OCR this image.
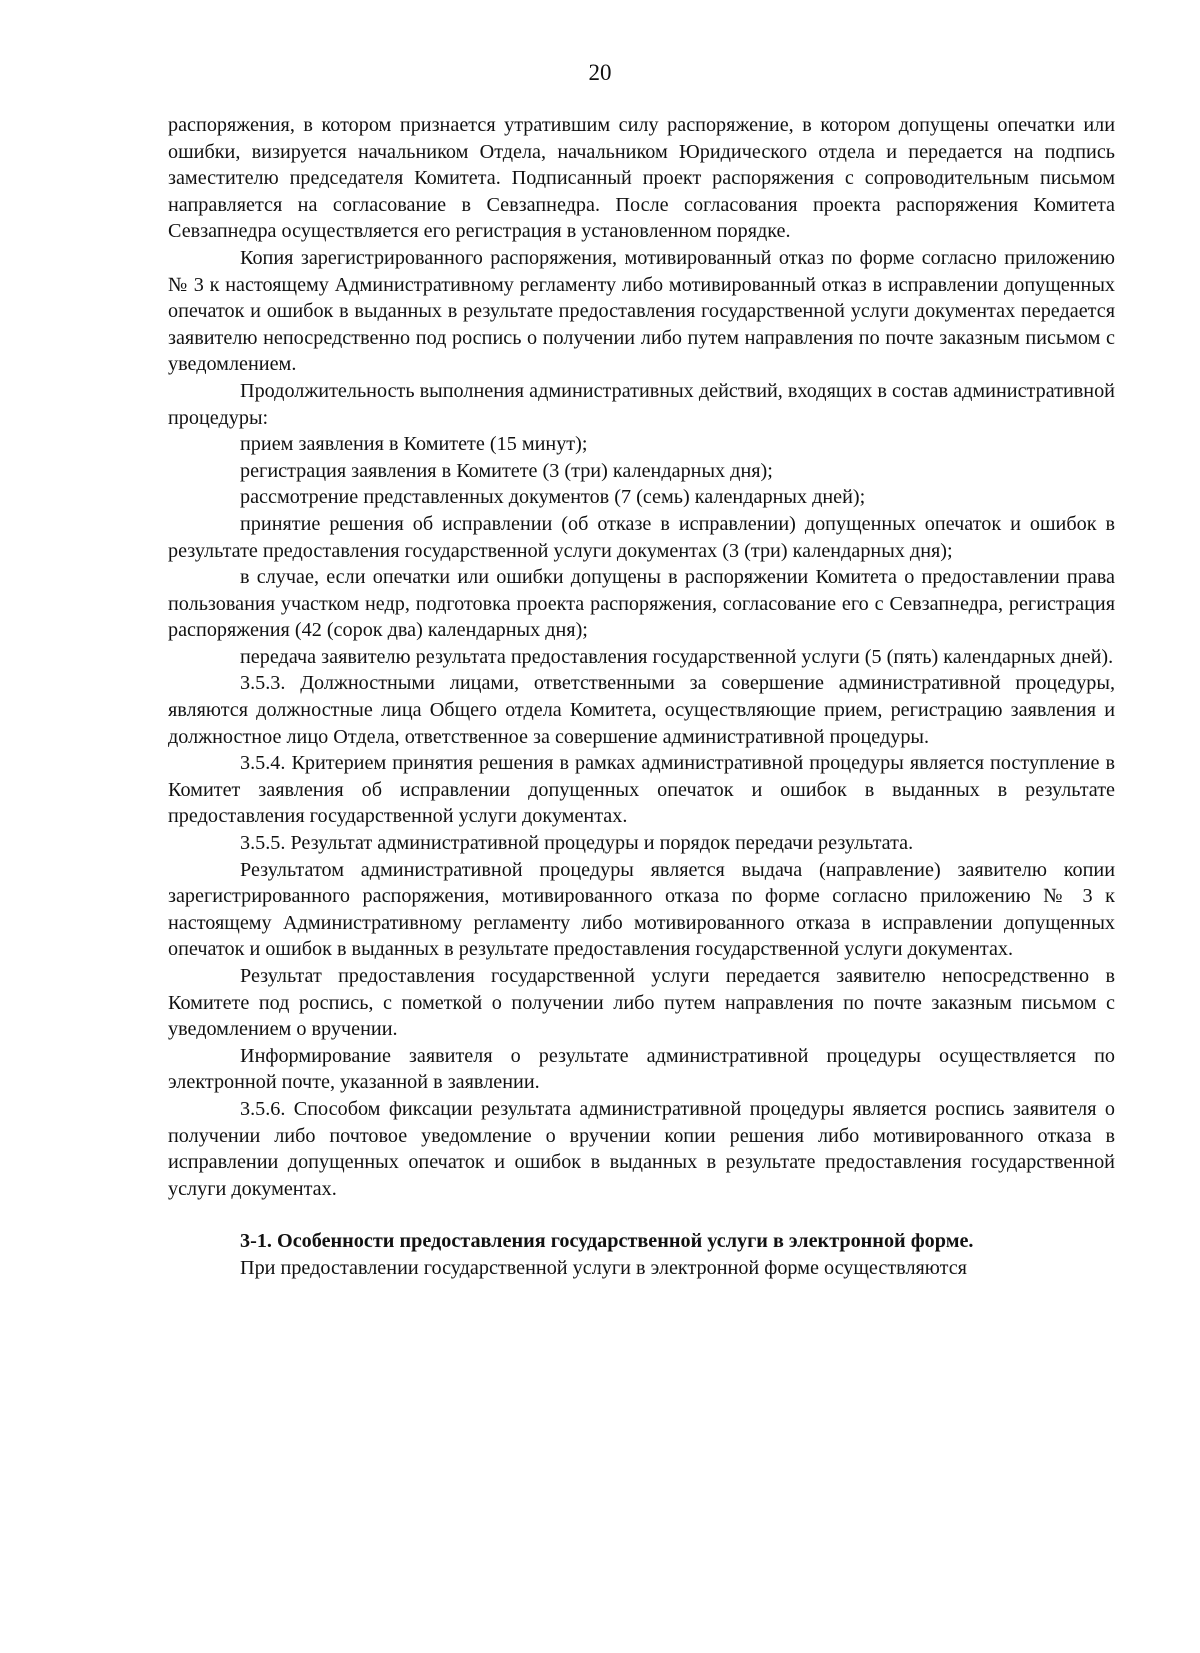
20

распоряжения, в котором признается утратившим силу распоряжение, в котором допущены опечатки или ошибки, визируется начальником Отдела, начальником Юридического отдела и передается на подпись заместителю председателя Комитета. Подписанный проект распоряжения с сопроводительным письмом направляется на согласование в Севзапнедра. После согласования проекта распоряжения Комитета Севзапнедра осуществляется его регистрация в установленном порядке.

Копия зарегистрированного распоряжения, мотивированный отказ по форме согласно приложению № 3 к настоящему Административному регламенту либо мотивированный отказ в исправлении допущенных опечаток и ошибок в выданных в результате предоставления государственной услуги документах передается заявителю непосредственно под роспись о получении либо путем направления по почте заказным письмом с уведомлением.

Продолжительность выполнения административных действий, входящих в состав административной процедуры:

прием заявления в Комитете (15 минут);

регистрация заявления в Комитете (3 (три) календарных дня);

рассмотрение представленных документов (7 (семь) календарных дней);

принятие решения об исправлении (об отказе в исправлении) допущенных опечаток и ошибок в результате предоставления государственной услуги документах (3 (три) календарных дня);

в случае, если опечатки или ошибки допущены в распоряжении Комитета о предоставлении права пользования участком недр, подготовка проекта распоряжения, согласование его с Севзапнедра, регистрация распоряжения (42 (сорок два) календарных дня);

передача заявителю результата предоставления государственной услуги (5 (пять) календарных дней).

3.5.3. Должностными лицами, ответственными за совершение административной процедуры, являются должностные лица Общего отдела Комитета, осуществляющие прием, регистрацию заявления и должностное лицо Отдела, ответственное за совершение административной процедуры.

3.5.4. Критерием принятия решения в рамках административной процедуры является поступление в Комитет заявления об исправлении допущенных опечаток и ошибок в выданных в результате предоставления государственной услуги документах.

3.5.5. Результат административной процедуры и порядок передачи результата.

Результатом административной процедуры является выдача (направление) заявителю копии зарегистрированного распоряжения, мотивированного отказа по форме согласно приложению № 3 к настоящему Административному регламенту либо мотивированного отказа в исправлении допущенных опечаток и ошибок в выданных в результате предоставления государственной услуги документах.

Результат предоставления государственной услуги передается заявителю непосредственно в Комитете под роспись, с пометкой о получении либо путем направления по почте заказным письмом с уведомлением о вручении.

Информирование заявителя о результате административной процедуры осуществляется по электронной почте, указанной в заявлении.

3.5.6. Способом фиксации результата административной процедуры является роспись заявителя о получении либо почтовое уведомление о вручении копии решения либо мотивированного отказа в исправлении допущенных опечаток и ошибок в выданных в результате предоставления государственной услуги документах.

3-1. Особенности предоставления государственной услуги в электронной форме.

При предоставлении государственной услуги в электронной форме осуществляются
